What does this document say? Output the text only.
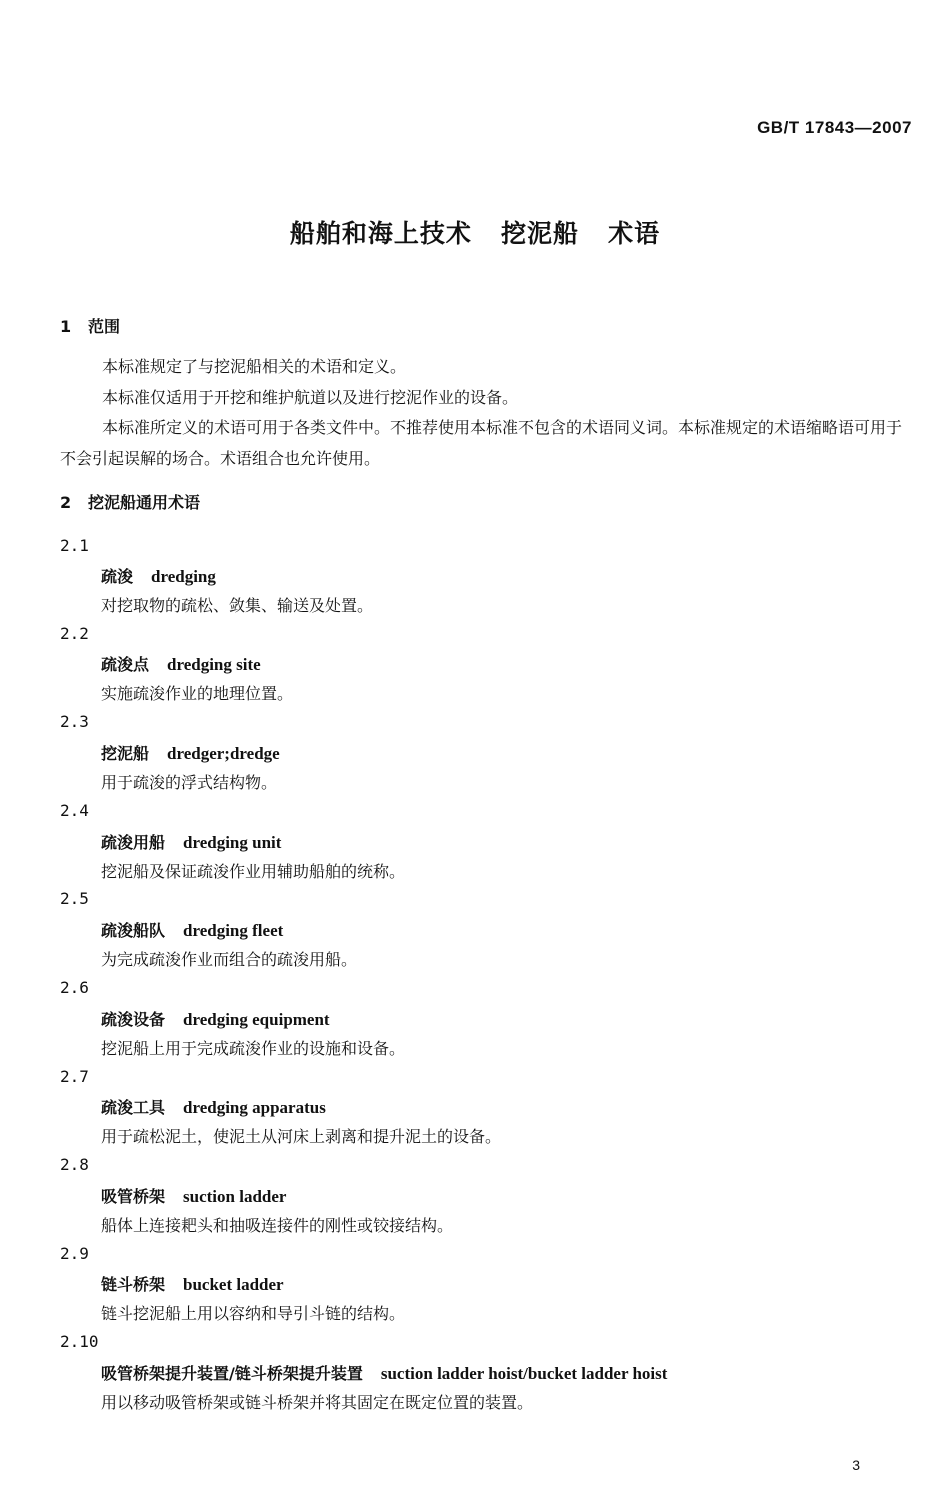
GB/T 17843—2007
船舶和海上技术   挖泥船   术语
1 范围
本标准规定了与挖泥船相关的术语和定义。
本标准仅适用于开挖和维护航道以及进行挖泥作业的设备。
本标准所定义的术语可用于各类文件中。不推荐使用本标准不包含的术语同义词。本标准规定的术语缩略语可用于不会引起误解的场合。术语组合也允许使用。
2 挖泥船通用术语
2.1
疏浚 dredging
对挖取物的疏松、敛集、输送及处置。
2.2
疏浚点 dredging site
实施疏浚作业的地理位置。
2.3
挖泥船 dredger;dredge
用于疏浚的浮式结构物。
2.4
疏浚用船 dredging unit
挖泥船及保证疏浚作业用辅助船舶的统称。
2.5
疏浚船队 dredging fleet
为完成疏浚作业而组合的疏浚用船。
2.6
疏浚设备 dredging equipment
挖泥船上用于完成疏浚作业的设施和设备。
2.7
疏浚工具 dredging apparatus
用于疏松泥土，使泥土从河床上剥离和提升泥土的设备。
2.8
吸管桥架 suction ladder
船体上连接耙头和抽吸连接件的刚性或铰接结构。
2.9
链斗桥架 bucket ladder
链斗挖泥船上用以容纳和导引斗链的结构。
2.10
吸管桥架提升装置/链斗桥架提升装置 suction ladder hoist/bucket ladder hoist
用以移动吸管桥架或链斗桥架并将其固定在既定位置的装置。
3
